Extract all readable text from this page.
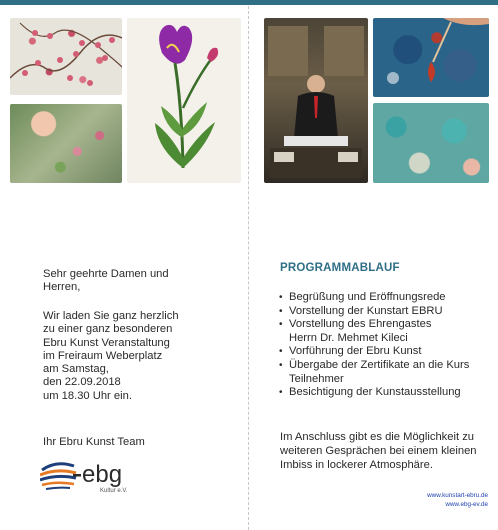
Sehr geehrte Damen und
Herren,
Wir laden Sie ganz herzlich
zu einer ganz besonderen
Ebru Kunst Veranstaltung
im Freiraum Weberplatz
am Samstag,
den 22.09.2018
um 18.30 Uhr ein.
Ihr Ebru Kunst Team
ebg
Kultur e.V.
PROGRAMMABLAUF
• Begrüßung und Eröffnungsrede
• Vorstellung der Kunstart EBRU
• Vorstellung des Ehrengastes
Herrn Dr. Mehmet Kileci
• Vorführung der Ebru Kunst
• Übergabe der Zertifikate an die Kurs
Teilnehmer
• Besichtigung der Kunstausstellung
Im Anschluss gibt es die Möglichkeit zu
weiteren Gesprächen bei einem kleinen
Imbiss in lockerer Atmosphäre.
www.kunstart-ebru.de
www.ebg-ev.de
